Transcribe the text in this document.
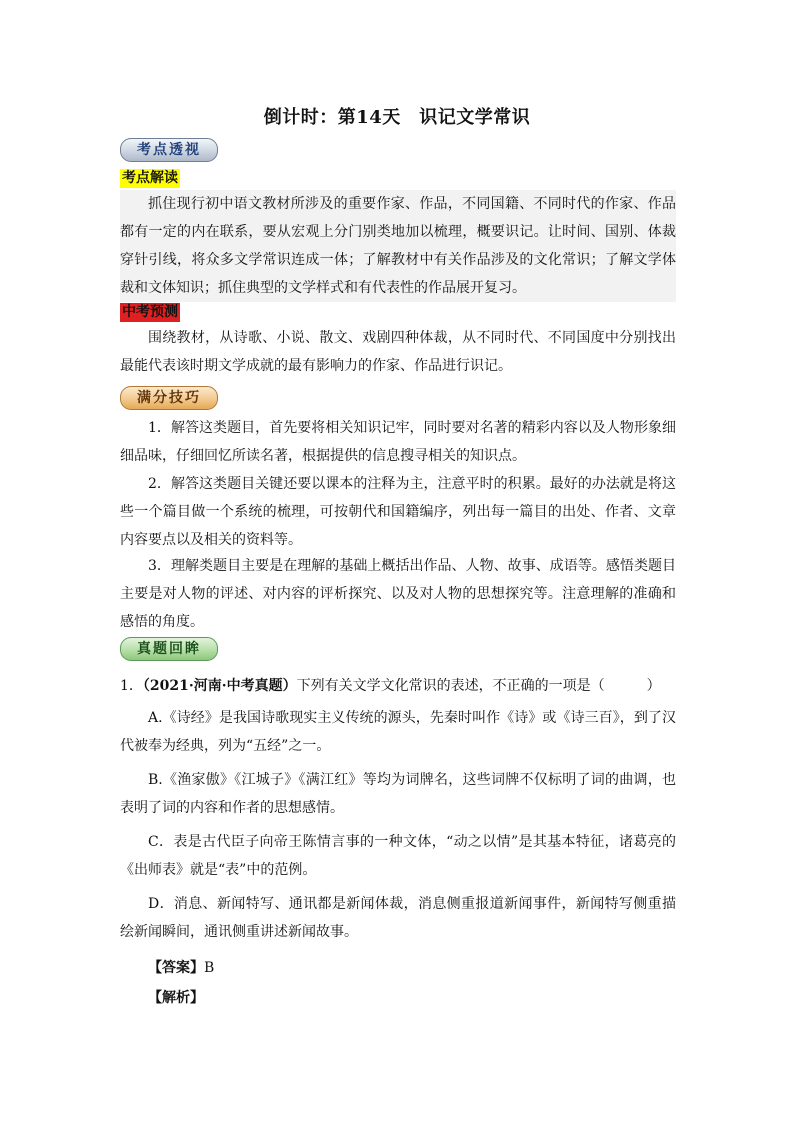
倒计时：第14天　识记文学常识
考点透视
考点解读

抓住现行初中语文教材所涉及的重要作家、作品，不同国籍、不同时代的作家、作品都有一定的内在联系，要从宏观上分门别类地加以梳理，概要识记。让时间、国别、体裁穿针引线，将众多文学常识连成一体；了解教材中有关作品涉及的文化常识；了解文学体裁和文体知识；抓住典型的文学样式和有代表性的作品展开复习。

中考预测

围绕教材，从诗歌、小说、散文、戏剧四种体裁，从不同时代、不同国度中分别找出最能代表该时期文学成就的最有影响力的作家、作品进行识记。

满分技巧

1．解答这类题目，首先要将相关知识记牢，同时要对名著的精彩内容以及人物形象细细品味，仔细回忆所读名著，根据提供的信息搜寻相关的知识点。

2．解答这类题目关键还要以课本的注释为主，注意平时的积累。最好的办法就是将这些一个篇目做一个系统的梳理，可按朝代和国籍编序，列出每一篇目的出处、作者、文章内容要点以及相关的资料等。

3．理解类题目主要是在理解的基础上概括出作品、人物、故事、成语等。感悟类题目主要是对人物的评述、对内容的评析探究、以及对人物的思想探究等。注意理解的准确和感悟的角度。

真题回眸

1．（2021·河南·中考真题）下列有关文学文化常识的表述，不正确的一项是（　　　）

A.《诗经》是我国诗歌现实主义传统的源头，先秦时叫作《诗》或《诗三百》，到了汉代被奉为经典，列为“五经”之一。

B.《渔家傲》《江城子》《满江红》等均为词牌名，这些词牌不仅标明了词的曲调，也表明了词的内容和作者的思想感情。

C．表是古代臣子向帝王陈情言事的一种文体，“动之以情”是其基本特征，诸葛亮的《出师表》就是“表”中的范例。

D．消息、新闻特写、通讯都是新闻体裁，消息侧重报道新闻事件，新闻特写侧重描绘新闻瞬间，通讯侧重讲述新闻故事。

【答案】B
【解析】
